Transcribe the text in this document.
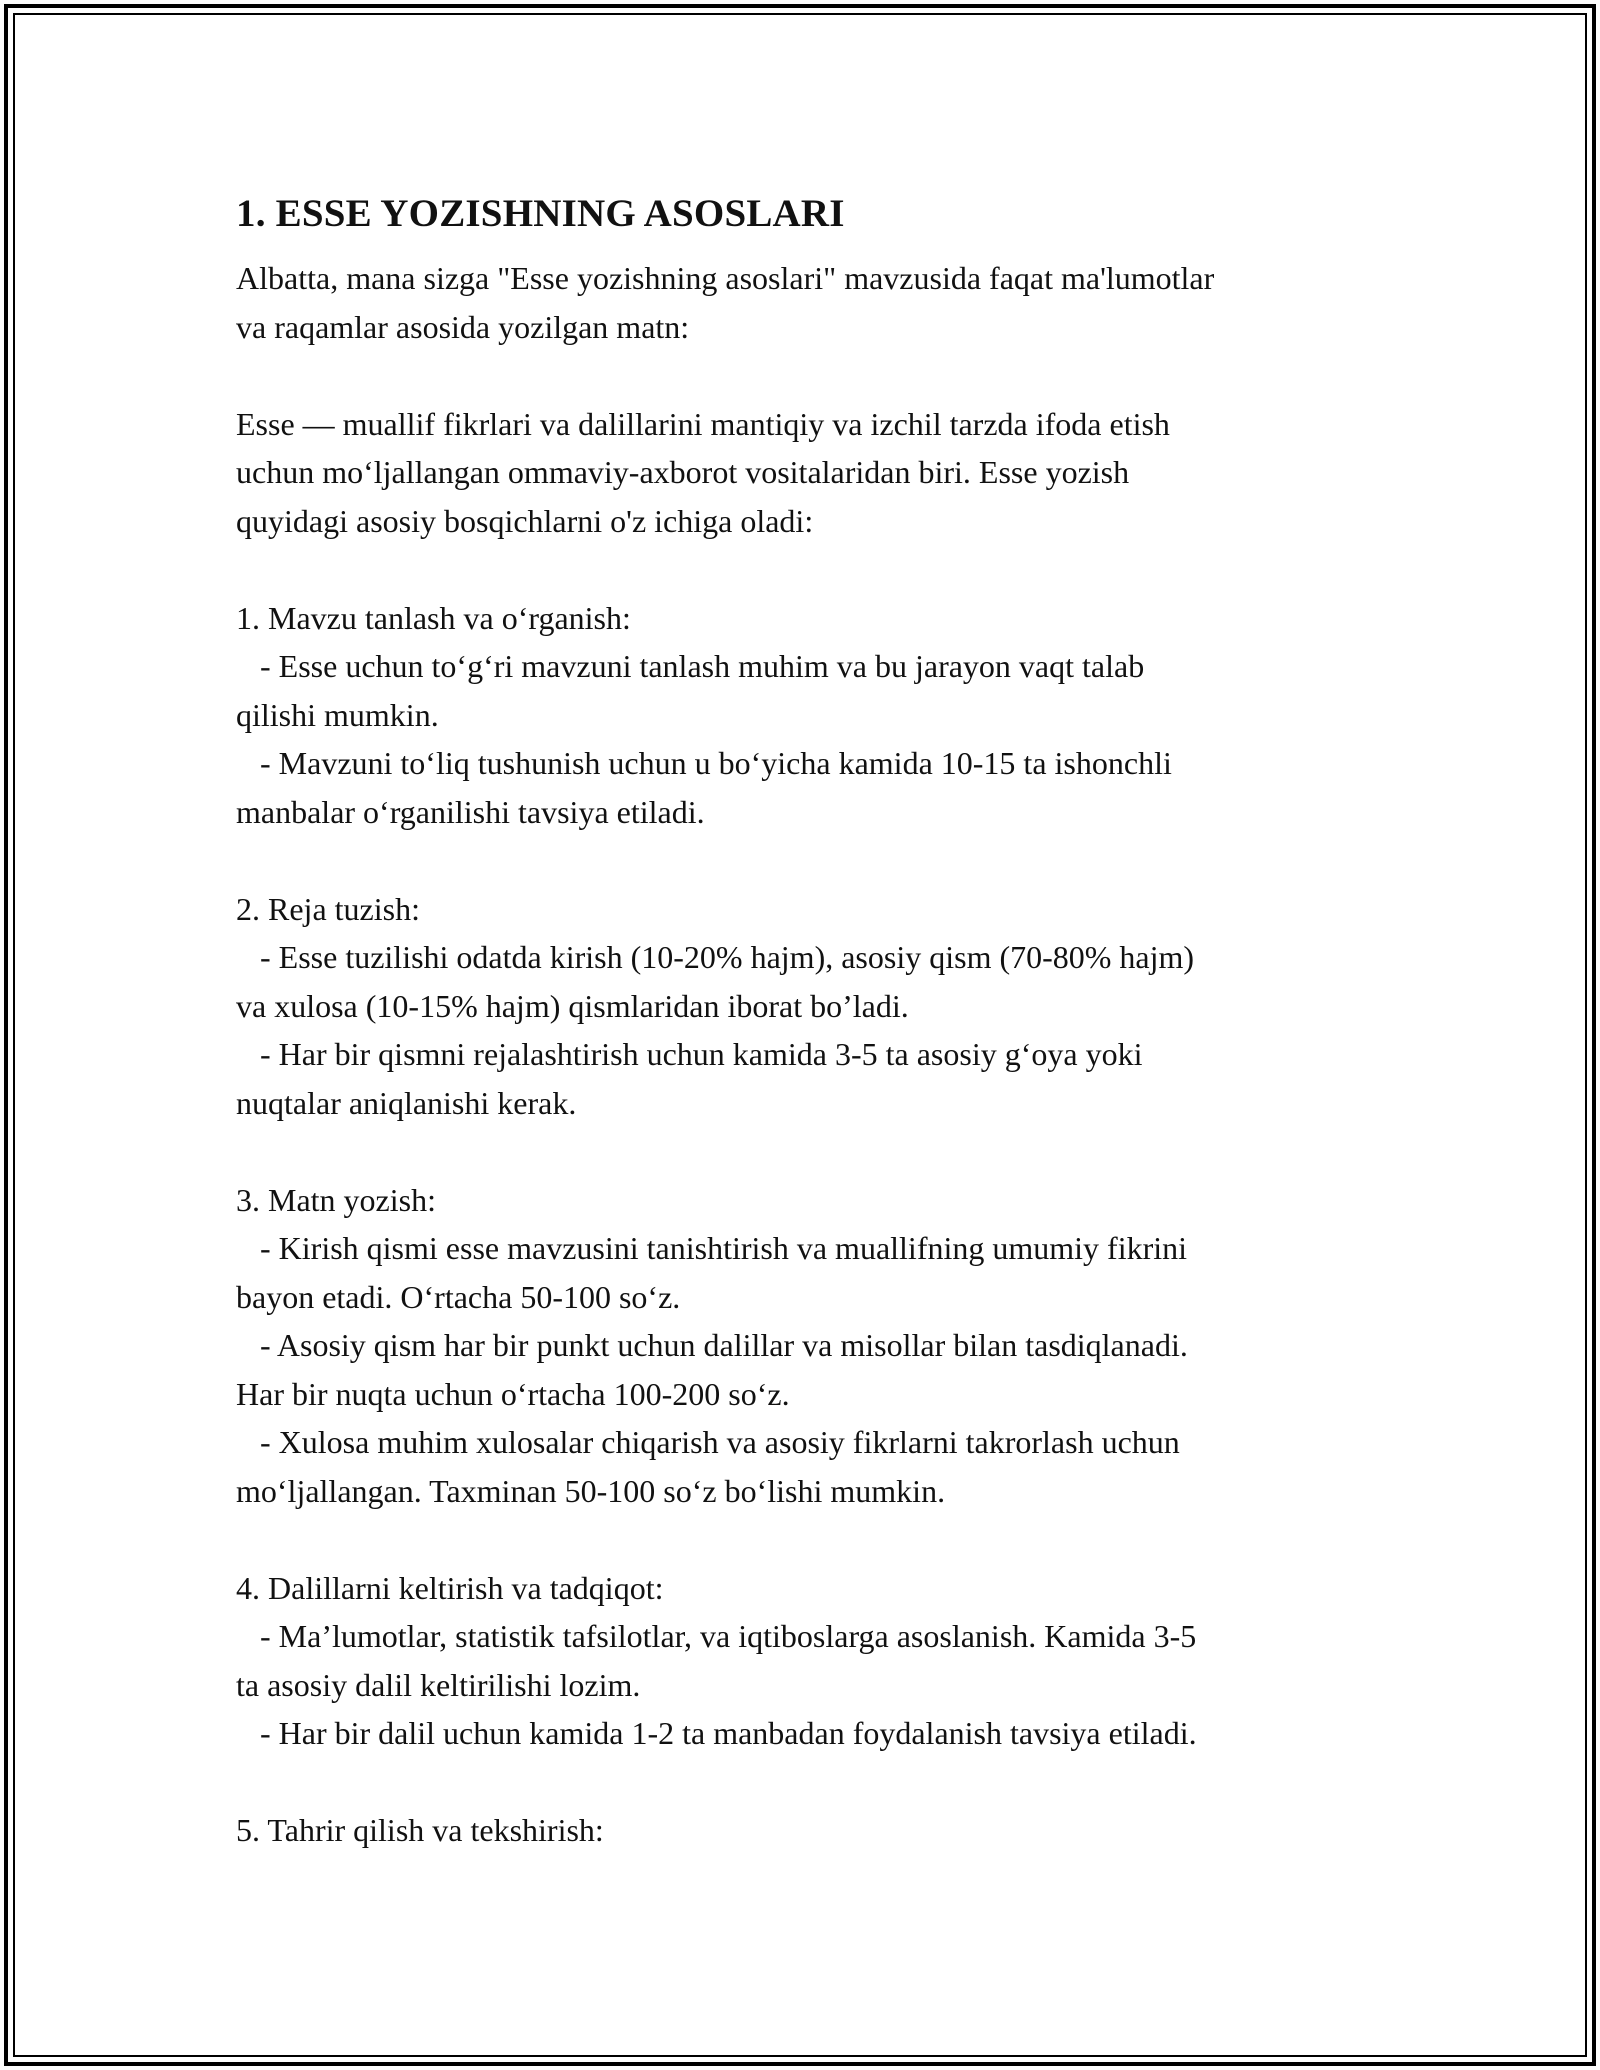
1. ESSE YOZISHNING ASOSLARI

Albatta, mana sizga "Esse yozishning asoslari" mavzusida faqat ma'lumotlar
va raqamlar asosida yozilgan matn:

Esse — muallif fikrlari va dalillarini mantiqiy va izchil tarzda ifoda etish
uchun mo‘ljallangan ommaviy-axborot vositalaridan biri. Esse yozish
quyidagi asosiy bosqichlarni o'z ichiga oladi:

1. Mavzu tanlash va o‘rganish:
- Esse uchun to‘g‘ri mavzuni tanlash muhim va bu jarayon vaqt talab
qilishi mumkin.
- Mavzuni to‘liq tushunish uchun u bo‘yicha kamida 10-15 ta ishonchli
manbalar o‘rganilishi tavsiya etiladi.

2. Reja tuzish:
- Esse tuzilishi odatda kirish (10-20% hajm), asosiy qism (70-80% hajm)
va xulosa (10-15% hajm) qismlaridan iborat bo’ladi.
- Har bir qismni rejalashtirish uchun kamida 3-5 ta asosiy g‘oya yoki
nuqtalar aniqlanishi kerak.

3. Matn yozish:
- Kirish qismi esse mavzusini tanishtirish va muallifning umumiy fikrini
bayon etadi. O‘rtacha 50-100 so‘z.
- Asosiy qism har bir punkt uchun dalillar va misollar bilan tasdiqlanadi.
Har bir nuqta uchun o‘rtacha 100-200 so‘z.
- Xulosa muhim xulosalar chiqarish va asosiy fikrlarni takrorlash uchun
mo‘ljallangan. Taxminan 50-100 so‘z bo‘lishi mumkin.

4. Dalillarni keltirish va tadqiqot:
- Ma’lumotlar, statistik tafsilotlar, va iqtiboslarga asoslanish. Kamida 3-5
ta asosiy dalil keltirilishi lozim.
- Har bir dalil uchun kamida 1-2 ta manbadan foydalanish tavsiya etiladi.

5. Tahrir qilish va tekshirish:
